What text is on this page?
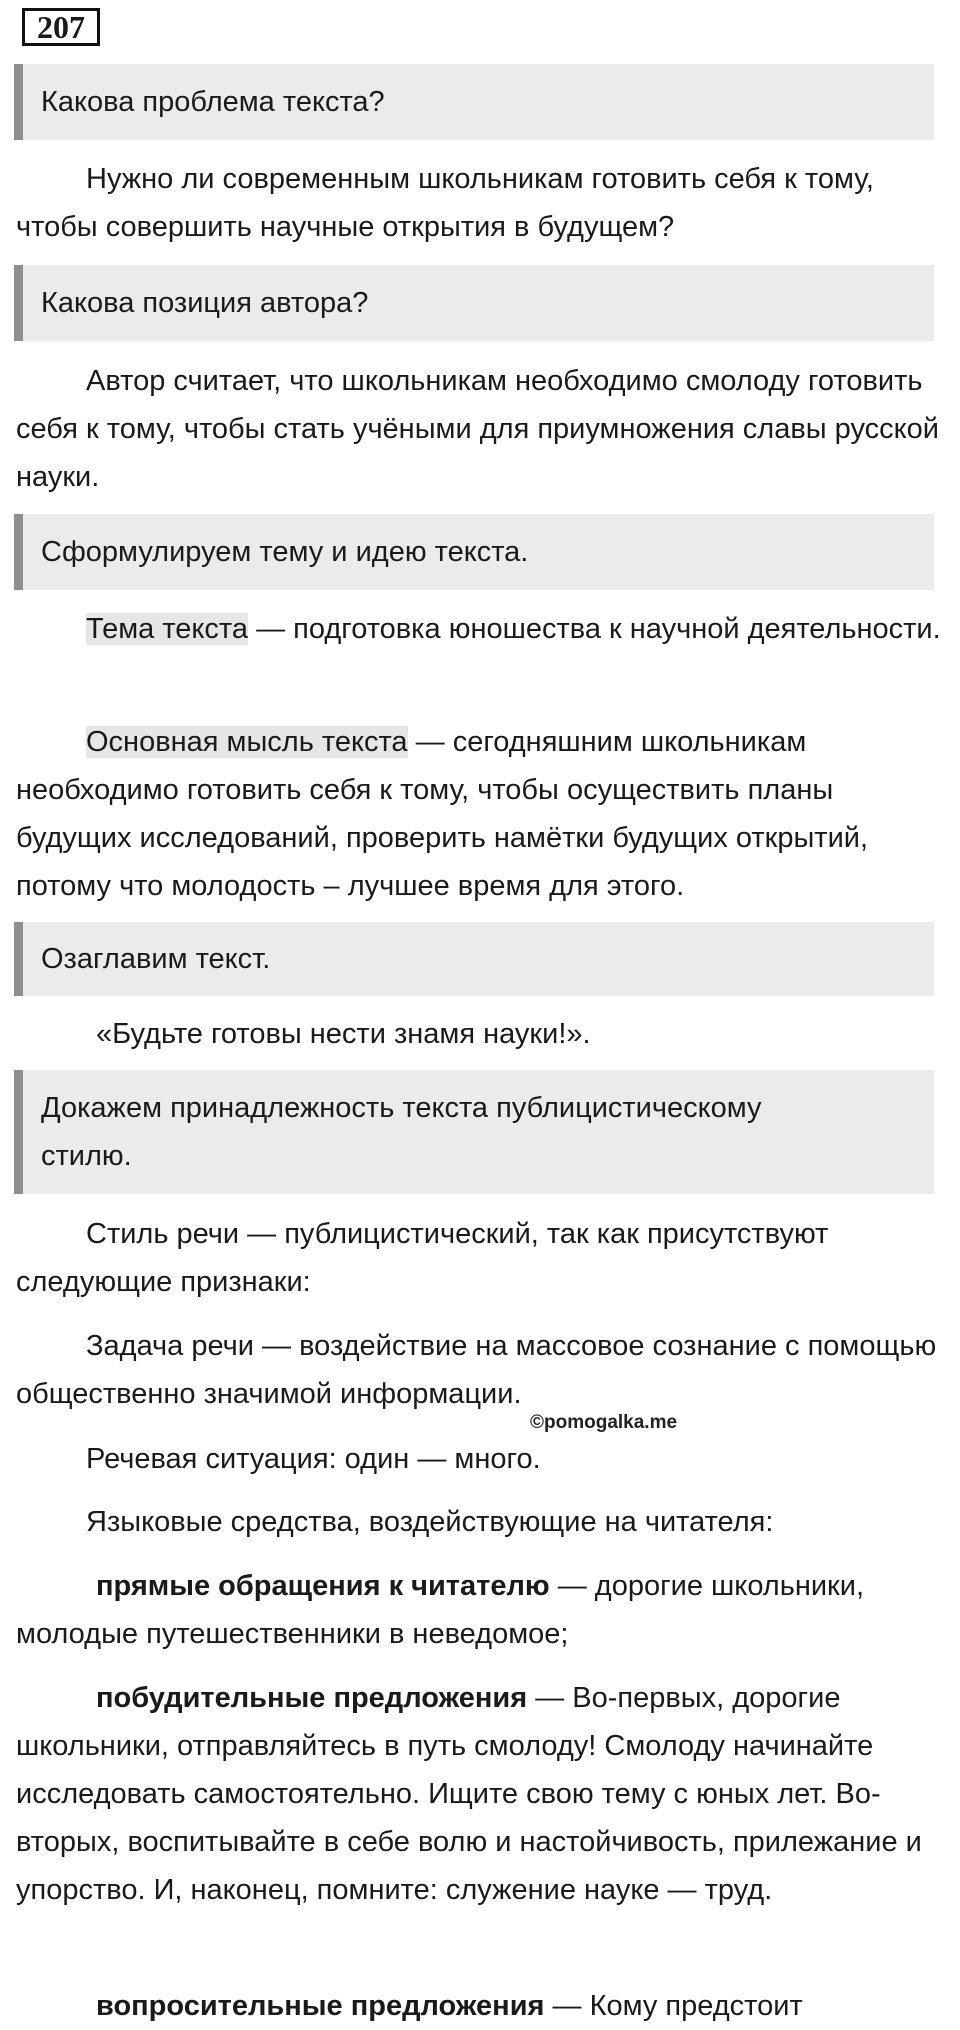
207
Какова проблема текста?

Нужно ли современным школьникам готовить себя к тому, чтобы совершить научные открытия в будущем?

Какова позиция автора?

Автор считает, что школьникам необходимо смолоду готовить себя к тому, чтобы стать учёными для приумножения славы русской науки.

Сформулируем тему и идею текста.

Тема текста — подготовка юношества к научной деятельности.

Основная мысль текста — сегодняшним школьникам необходимо готовить себя к тому, чтобы осуществить планы будущих исследований, проверить намётки будущих открытий, потому что молодость – лучшее время для этого.

Озаглавим текст.

«Будьте готовы нести знамя науки!».

Докажем принадлежность текста публицистическому стилю.

Стиль речи — публицистический, так как присутствуют следующие признаки:

Задача речи — воздействие на массовое сознание с помощью общественно значимой информации.

©pomogalka.me

Речевая ситуация: один — много.

Языковые средства, воздействующие на читателя:

прямые обращения к читателю — дорогие школьники, молодые путешественники в неведомое;

побудительные предложения — Во-первых, дорогие школьники, отправляйтесь в путь смолоду! Смолоду начинайте исследовать самостоятельно. Ищите свою тему с юных лет. Во-вторых, воспитывайте в себе волю и настойчивость, прилежание и упорство. И, наконец, помните: служение науке — труд.

вопросительные предложения — Кому предстоит
